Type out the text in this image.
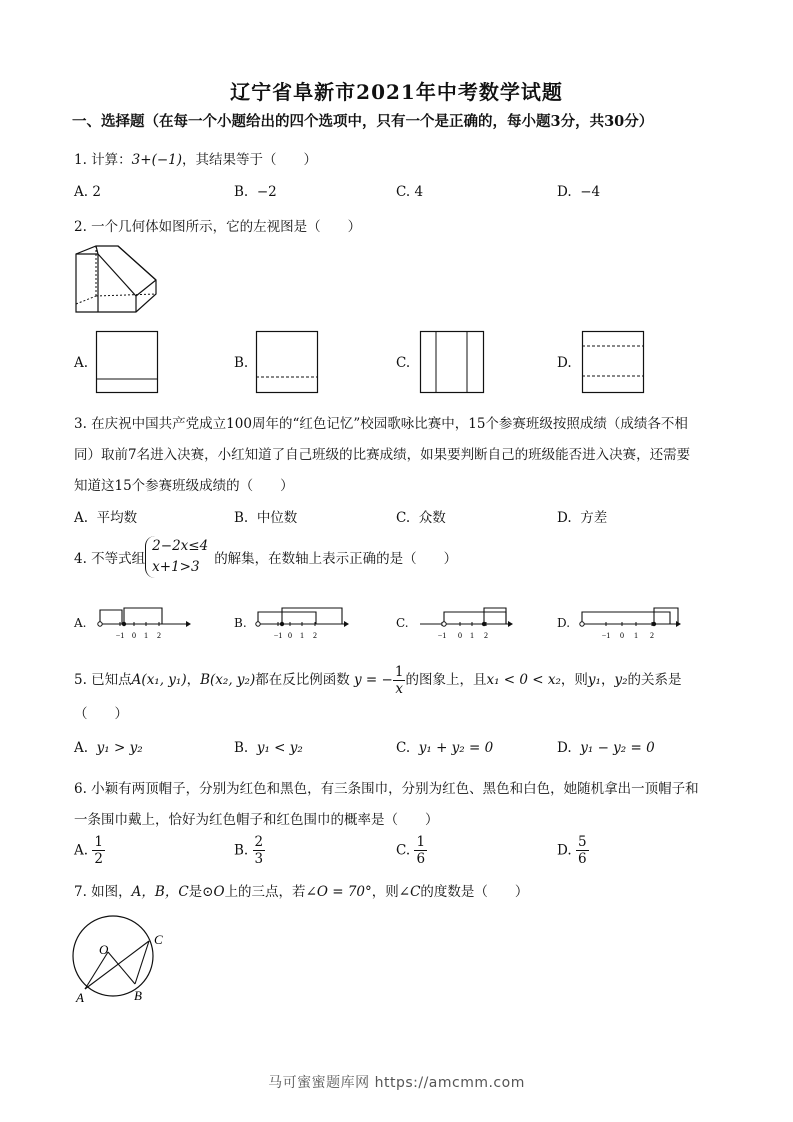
辽宁省阜新市2021年中考数学试题
一、选择题（在每一个小题给出的四个选项中，只有一个是正确的，每小题3分，共30分）
1. 计算：3+(−1)，其结果等于（　　）
A. 2	B. −2	C. 4	D. −4
2. 一个几何体如图所示，它的左视图是（　　）
A.	B.	C.	D.
3. 在庆祝中国共产党成立100周年的“红色记忆”校园歌咏比赛中，15个参赛班级按照成绩（成绩各不相
同）取前7名进入决赛，小红知道了自己班级的比赛成绩，如果要判断自己的班级能否进入决赛，还需要
知道这15个参赛班级成绩的（　　）
A. 平均数	B. 中位数	C. 众数	D. 方差
4. 不等式组
2−2x≤4
x+1>3	的解集，在数轴上表示正确的是（　　）
A.	B.	C.	D.
−1 0 1 2	−1 0 1 2	−1 0 1 2	−1 0 1 2
5. 已知点A(x₁, y₁)，B(x₂, y₂)都在反比例函数 y = − $\frac{1}{x}$ 的图象上，且x₁ < 0 < x₂，则y₁，y₂的关系是
（　　）
A. y₁ > y₂	B. y₁ < y₂	C. y₁ + y₂ = 0	D. y₁ − y₂ = 0
6. 小颖有两顶帽子，分别为红色和黑色，有三条围巾，分别为红色、黑色和白色，她随机拿出一顶帽子和
一条围巾戴上，恰好为红色帽子和红色围巾的概率是（　　）
A. $\frac{1}{2}$	B. $\frac{2}{3}$	C. $\frac{1}{6}$	D. $\frac{5}{6}$
7. 如图，A，B，C是⊙O上的三点，若∠O = 70°，则∠C的度数是（　　）
O
A	B
C
马可蜜蜜题库网 https://amcmm.com
